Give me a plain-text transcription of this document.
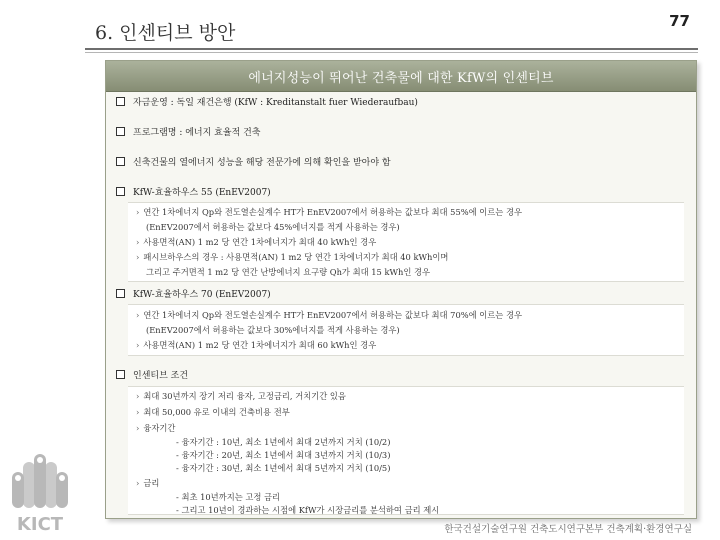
6. 인센티브 방안
77
에너지성능이 뛰어난 건축물에 대한 KfW의 인센티브
자금운영 : 독일 재건은행 (KfW : Kreditanstalt fuer Wiederaufbau)
프로그램명 : 에너지 효율적 건축
신축건물의 열에너지 성능을 해당 전문가에 의해 확인을 받아야 함
KfW-효율하우스 55 (EnEV2007)
› 연간 1차에너지 Qp와 전도열손실계수 HT가 EnEV2007에서 허용하는 값보다 최대 55%에 이르는 경우
(EnEV2007에서 허용하는 값보다 45%에너지를 적게 사용하는 경우)
› 사용면적(AN) 1 m2 당 연간 1차에너지가 최대 40 kWh인 경우
› 패시브하우스의 경우 : 사용면적(AN) 1 m2 당 연간 1차에너지가 최대 40 kWh이며
그리고 주거면적 1 m2 당 연간 난방에너지 요구량 Qh가 최대 15 kWh인 경우
KfW-효율하우스 70 (EnEV2007)
› 연간 1차에너지 Qp와 전도열손실계수 HT가 EnEV2007에서 허용하는 값보다 최대 70%에 이르는 경우
(EnEV2007에서 허용하는 값보다 30%에너지를 적게 사용하는 경우)
› 사용면적(AN) 1 m2 당 연간 1차에너지가 최대 60 kWh인 경우
인센티브 조건
› 최대 30년까지 장기 저리 융자, 고정금리, 거치기간 있음
› 최대 50,000 유로 이내의 건축비용 전부
› 융자기간
- 융자기간 : 10년, 최소 1년에서 최대 2년까지 거치 (10/2)
- 융자기간 : 20년, 최소 1년에서 최대 3년까지 거치 (10/3)
- 융자기간 : 30년, 최소 1년에서 최대 5년까지 거치 (10/5)
› 금리
- 최초 10년까지는 고정 금리
- 그리고 10년이 경과하는 시점에 KfW가 시장금리를 분석하여 금리 제시
KICT	한국건설기술연구원 건축도시연구본부 건축계획·환경연구실
